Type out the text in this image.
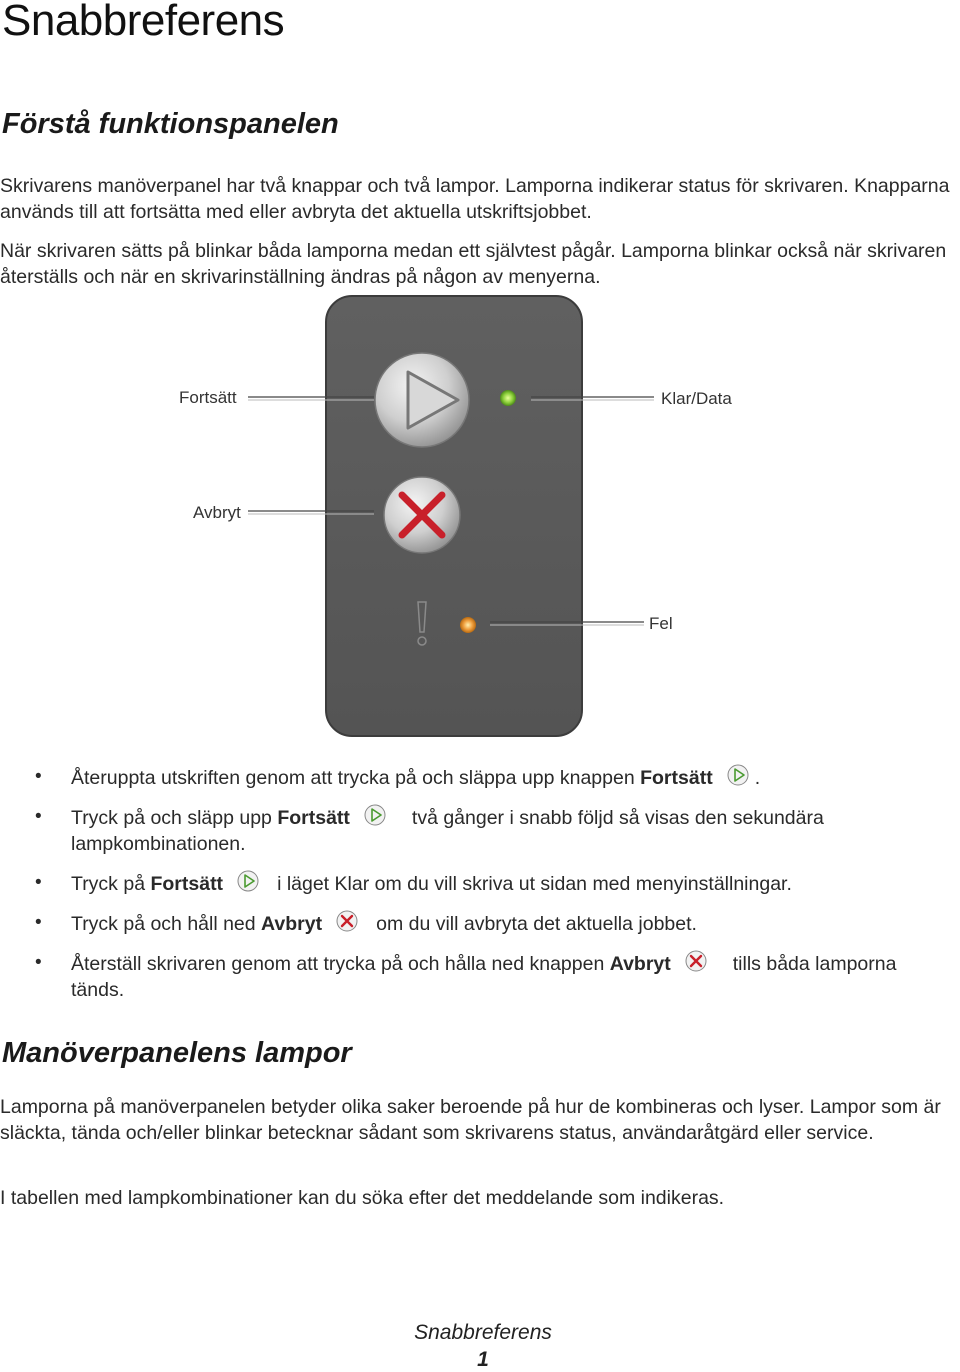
Snabbreferens
Förstå funktionspanelen

Skrivarens manöverpanel har två knappar och två lampor. Lamporna indikerar status för skrivaren. Knapparna används till att fortsätta med eller avbryta det aktuella utskriftsjobbet.

När skrivaren sätts på blinkar båda lamporna medan ett självtest pågår. Lamporna blinkar också när skrivaren återställs och när en skrivarinställning ändras på någon av menyerna.

Fortsätt	Klar/Data
Avbryt
Fel
• Återuppta utskriften genom att trycka på och släppa upp knappen Fortsätt .
• Tryck på och släpp upp Fortsätt	två gånger i snabb följd så visas den sekundära lampkombinationen.
• Tryck på Fortsätt	i läget Klar om du vill skriva ut sidan med menyinställningar.
• Tryck på och håll ned Avbryt	om du vill avbryta det aktuella jobbet.
• Återställ skrivaren genom att trycka på och hålla ned knappen Avbryt	tills båda lamporna tänds.
Manöverpanelens lampor

Lamporna på manöverpanelen betyder olika saker beroende på hur de kombineras och lyser. Lampor som är släckta, tända och/eller blinkar betecknar sådant som skrivarens status, användaråtgärd eller service.

I tabellen med lampkombinationer kan du söka efter det meddelande som indikeras.

Snabbreferens
1
